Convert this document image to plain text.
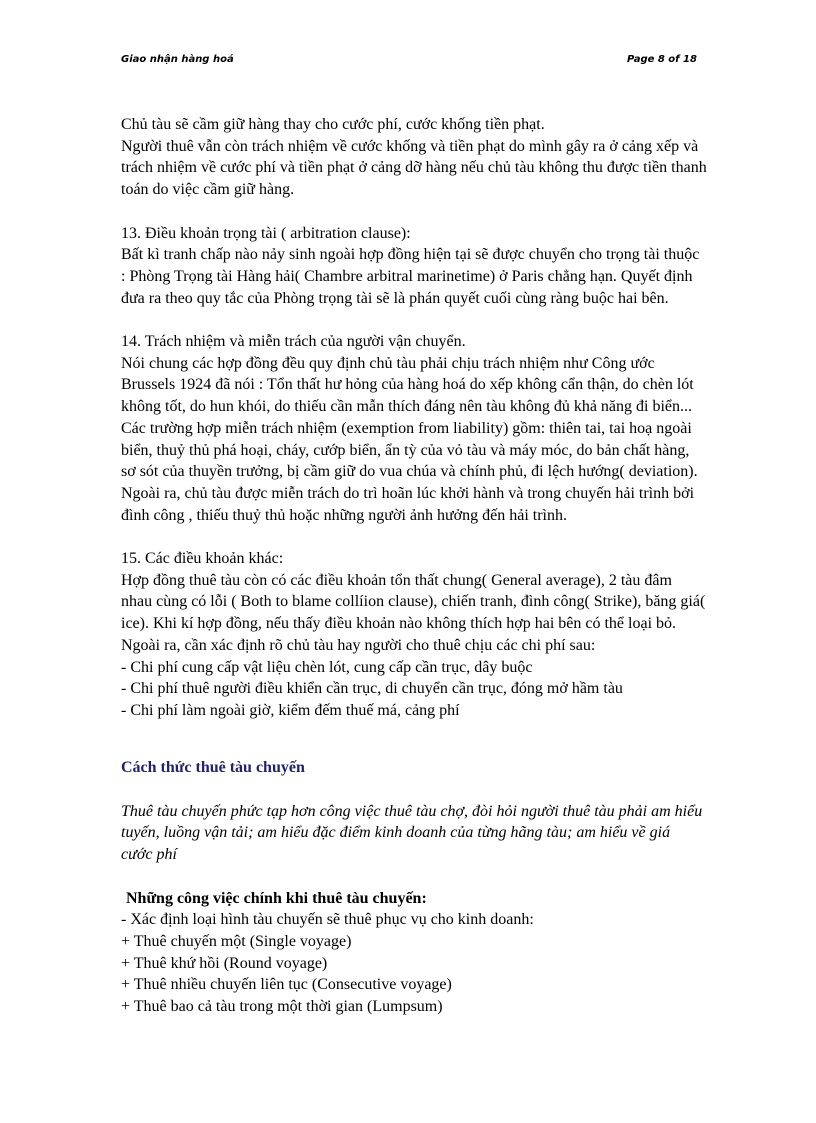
Giao nhận hàng hoá	Page 8 of 18

Chủ tàu sẽ cầm giữ hàng thay cho cước phí, cước khống tiền phạt.

Người thuê vẫn còn trách nhiệm về cước khống và tiền phạt do mình gây ra ở cảng xếp và

trách nhiệm về cước phí và tiền phạt ở cảng dỡ hàng nếu chủ tàu không thu được tiền thanh

toán do việc cầm giữ hàng.

13. Điều khoản trọng tài ( arbitration clause):

Bất kì tranh chấp nào nảy sinh ngoài hợp đồng hiện tại sẽ được chuyển cho trọng tài thuộc

: Phòng Trọng tài Hàng hải( Chambre arbitral marinetime) ở Paris chẳng hạn. Quyết định

đưa ra theo quy tắc của Phòng trọng tài sẽ là phán quyết cuối cùng ràng buộc hai bên.

14. Trách nhiệm và miễn trách của người vận chuyển.

Nói chung các hợp đồng đều quy định chủ tàu phải chịu trách nhiệm như Công ước

Brussels 1924 đã nói : Tổn thất hư hỏng của hàng hoá do xếp không cẩn thận, do chèn lót

không tốt, do hun khói, do thiếu cần mẫn thích đáng nên tàu không đủ khả năng đi biển...

Các trường hợp miễn trách nhiệm (exemption from liability) gồm: thiên tai, tai hoạ ngoài

biển, thuỷ thủ phá hoại, cháy, cướp biển, ẩn tỳ của vỏ tàu và máy móc, do bản chất hàng,

sơ sót của thuyền trưởng, bị cầm giữ do vua chúa và chính phủ, đi lệch hướng( deviation).

Ngoài ra, chủ tàu được miễn trách do trì hoãn lúc khởi hành và trong chuyến hải trình bởi

đình công , thiếu thuỷ thủ hoặc những người ảnh hưởng đến hải trình.

15. Các điều khoản khác:

Hợp đồng thuê tàu còn có các điều khoản tổn thất chung( General average), 2 tàu đâm

nhau cùng có lỗi ( Both to blame collíion clause), chiến tranh, đình công( Strike), băng giá(

ice). Khi kí hợp đồng, nếu thấy điều khoản nào không thích hợp hai bên có thể loại bỏ.

Ngoài ra, cần xác định rõ chủ tàu hay người cho thuê chịu các chi phí sau:

- Chi phí cung cấp vật liệu chèn lót, cung cấp cần trục, dây buộc

- Chi phí thuê người điều khiển cần trục, di chuyển cần trục, đóng mở hầm tàu

- Chi phí làm ngoài giờ, kiểm đếm thuế má, cảng phí

Cách thức thuê tàu chuyến

Thuê tàu chuyến phức tạp hơn công việc thuê tàu chợ, đòi hỏi người thuê tàu phải am hiểu

tuyến, luồng vận tải; am hiểu đặc điểm kinh doanh của từng hãng tàu; am hiểu về giá

cước phí

Những công việc chính khi thuê tàu chuyến:

- Xác định loại hình tàu chuyến sẽ thuê phục vụ cho kinh doanh:

+ Thuê chuyến một (Single voyage)

+ Thuê khứ hồi (Round voyage)

+ Thuê nhiều chuyến liên tục (Consecutive voyage)

+ Thuê bao cả tàu trong một thời gian (Lumpsum)
